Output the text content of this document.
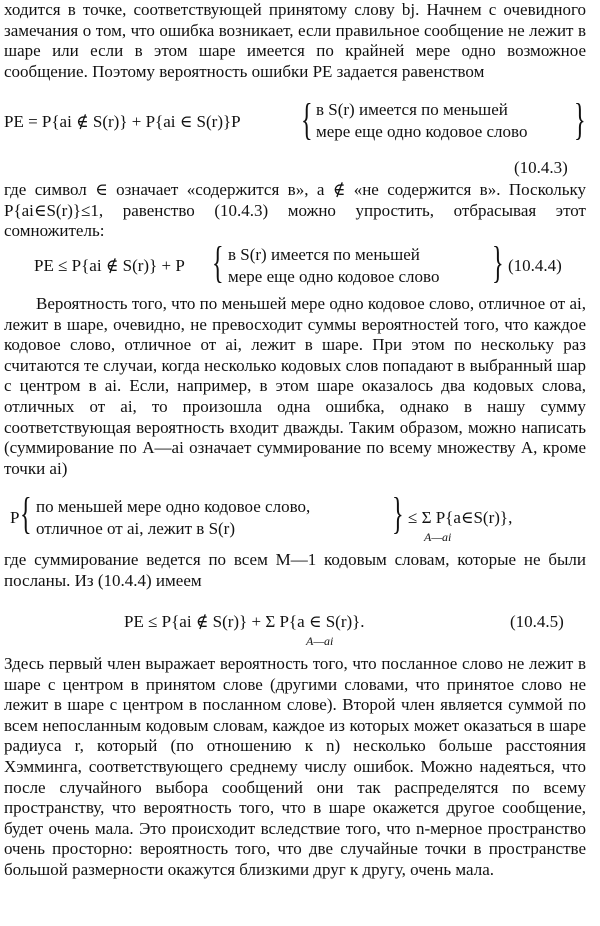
ходится в точке, соответствующей принятому слову bj. Начнем с очевидного замечания о том, что ошибка возникает, если правильное сообщение не лежит в шаре или если в этом шаре имеется по крайней мере одно возможное сообщение. Поэтому вероятность ошибки PE задается равенством

PE = P{ai ∉ S(r)} + P{ai ∈ S(r)}P { в S(r) имеется по меньшей
мере еще одно кодовое слово }
(10.4.3)

где символ ∈ означает «содержится в», а ∉ «не содержится в». Поскольку P{ai∈S(r)}≤1, равенство (10.4.3) можно упростить, отбрасывая этот сомножитель:

PE ≤ P{ai ∉ S(r)} + P { в S(r) имеется по меньшей
мере еще одно кодовое слово } (10.4.4)

Вероятность того, что по меньшей мере одно кодовое слово, отличное от ai, лежит в шаре, очевидно, не превосходит суммы вероятностей того, что каждое кодовое слово, отличное от ai, лежит в шаре. При этом по нескольку раз считаются те случаи, когда несколько кодовых слов попадают в выбранный шар с центром в ai. Если, например, в этом шаре оказалось два кодовых слова, отличных от ai, то произошла одна ошибка, однако в нашу сумму соответствующая вероятность входит дважды. Таким образом, можно написать (суммирование по A—ai означает суммирование по всему множеству A, кроме точки ai)

P { по меньшей мере одно кодовое слово,
отличное от ai, лежит в S(r)	} ≤ Σ P{a∈S(r)},
A—ai

где суммирование ведется по всем M—1 кодовым словам, которые не были посланы. Из (10.4.4) имеем

PE ≤ P{ai ∉ S(r)} + Σ P{a ∈ S(r)}.
A—ai
(10.4.5)

Здесь первый член выражает вероятность того, что посланное слово не лежит в шаре с центром в принятом слове (другими словами, что принятое слово не лежит в шаре с центром в посланном слове). Второй член является суммой по всем непосланным кодовым словам, каждое из которых может оказаться в шаре радиуса r, который (по отношению к n) несколько больше расстояния Хэмминга, соответствующего среднему числу ошибок. Можно надеяться, что после случайного выбора сообщений они так распределятся по всему пространству, что вероятность того, что в шаре окажется другое сообщение, будет очень мала. Это происходит вследствие того, что n-мерное пространство очень просторно: вероятность того, что две случайные точки в пространстве большой размерности окажутся близкими друг к другу, очень мала.
